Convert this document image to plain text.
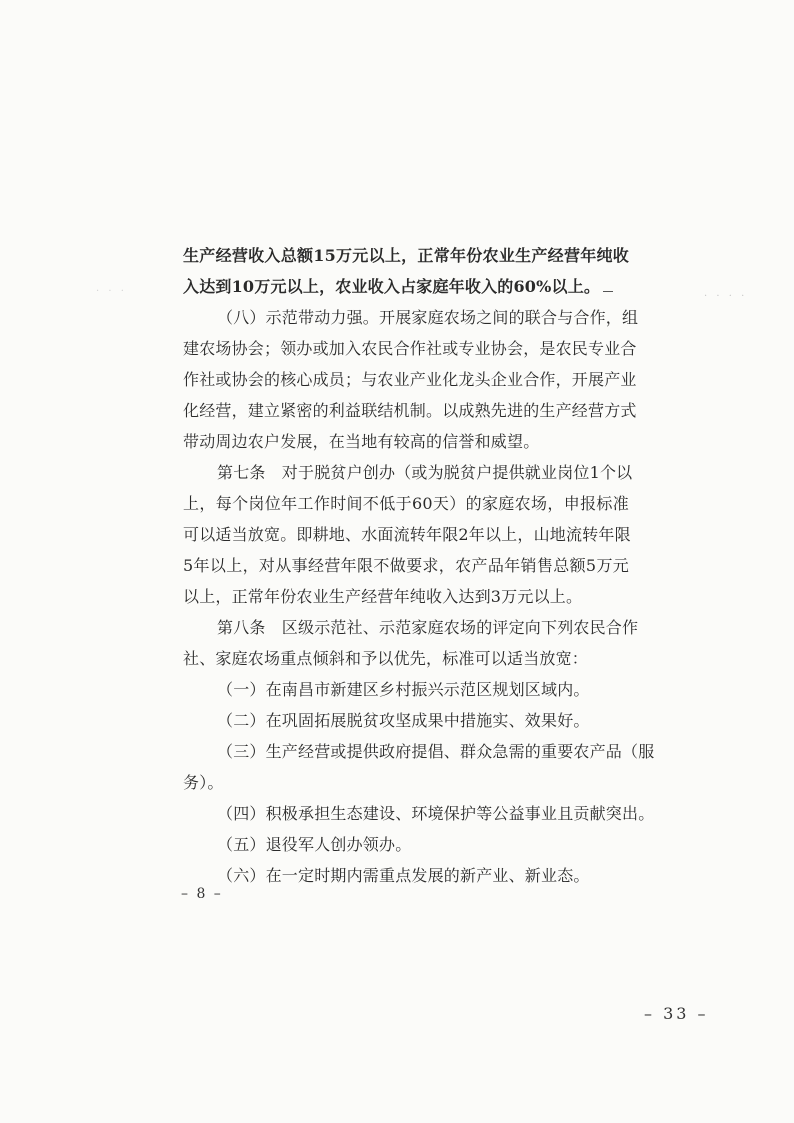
· · ·	· · · ·
生产经营收入总额15万元以上，正常年份农业生产经营年纯收
入达到10万元以上，农业收入占家庭年收入的60%以上。
（八）示范带动力强。开展家庭农场之间的联合与合作，组
建农场协会；领办或加入农民合作社或专业协会，是农民专业合
作社或协会的核心成员；与农业产业化龙头企业合作，开展产业
化经营，建立紧密的利益联结机制。以成熟先进的生产经营方式
带动周边农户发展，在当地有较高的信誉和威望。
第七条　对于脱贫户创办（或为脱贫户提供就业岗位1个以
上，每个岗位年工作时间不低于60天）的家庭农场，申报标准
可以适当放宽。即耕地、水面流转年限2年以上，山地流转年限
5年以上，对从事经营年限不做要求，农产品年销售总额5万元
以上，正常年份农业生产经营年纯收入达到3万元以上。
第八条　区级示范社、示范家庭农场的评定向下列农民合作
社、家庭农场重点倾斜和予以优先，标准可以适当放宽：
（一）在南昌市新建区乡村振兴示范区规划区域内。
（二）在巩固拓展脱贫攻坚成果中措施实、效果好。
（三）生产经营或提供政府提倡、群众急需的重要农产品（服
务）。
（四）积极承担生态建设、环境保护等公益事业且贡献突出。
（五）退役军人创办领办。
（六）在一定时期内需重点发展的新产业、新业态。
– 8 –
– 33 –
